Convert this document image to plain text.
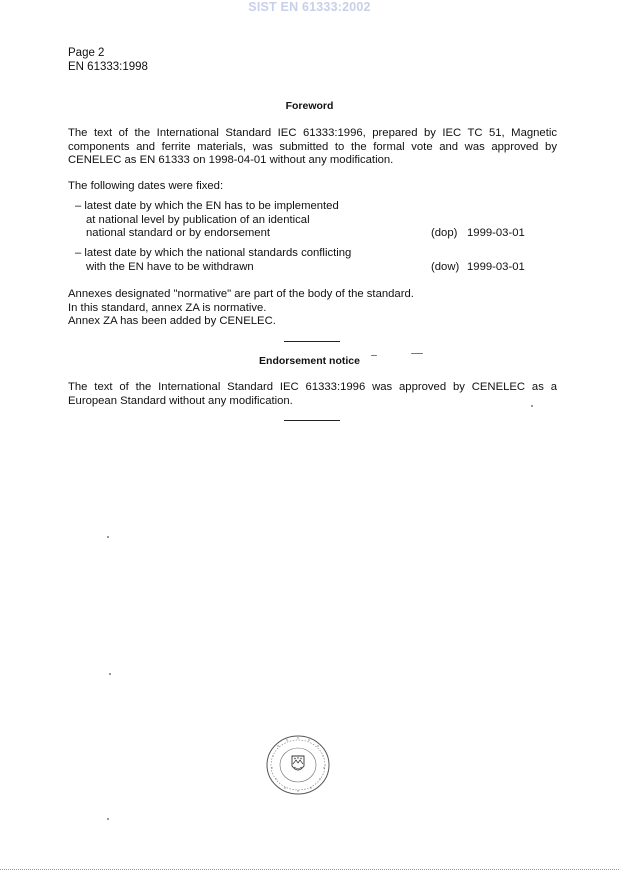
SIST EN 61333:2002
Page 2
EN 61333:1998
Foreword
The text of the International Standard IEC 61333:1996, prepared by IEC TC 51, Magnetic
components and ferrite materials, was submitted to the formal vote and was approved by
CENELEC as EN 61333 on 1998-04-01 without any modification.
The following dates were fixed:
– latest date by which the EN has to be implemented
at national level by publication of an identical
national standard or by endorsement	(dop) 1999-03-01
– latest date by which the national standards conflicting
with the EN have to be withdrawn	(dow) 1999-03-01
Annexes designated "normative" are part of the body of the standard.
In this standard, annex ZA is normative.
Annex ZA has been added by CENELEC.
Endorsement notice
The text of the International Standard IEC 61333:1996 was approved by CENELEC as a
European Standard without any modification.
